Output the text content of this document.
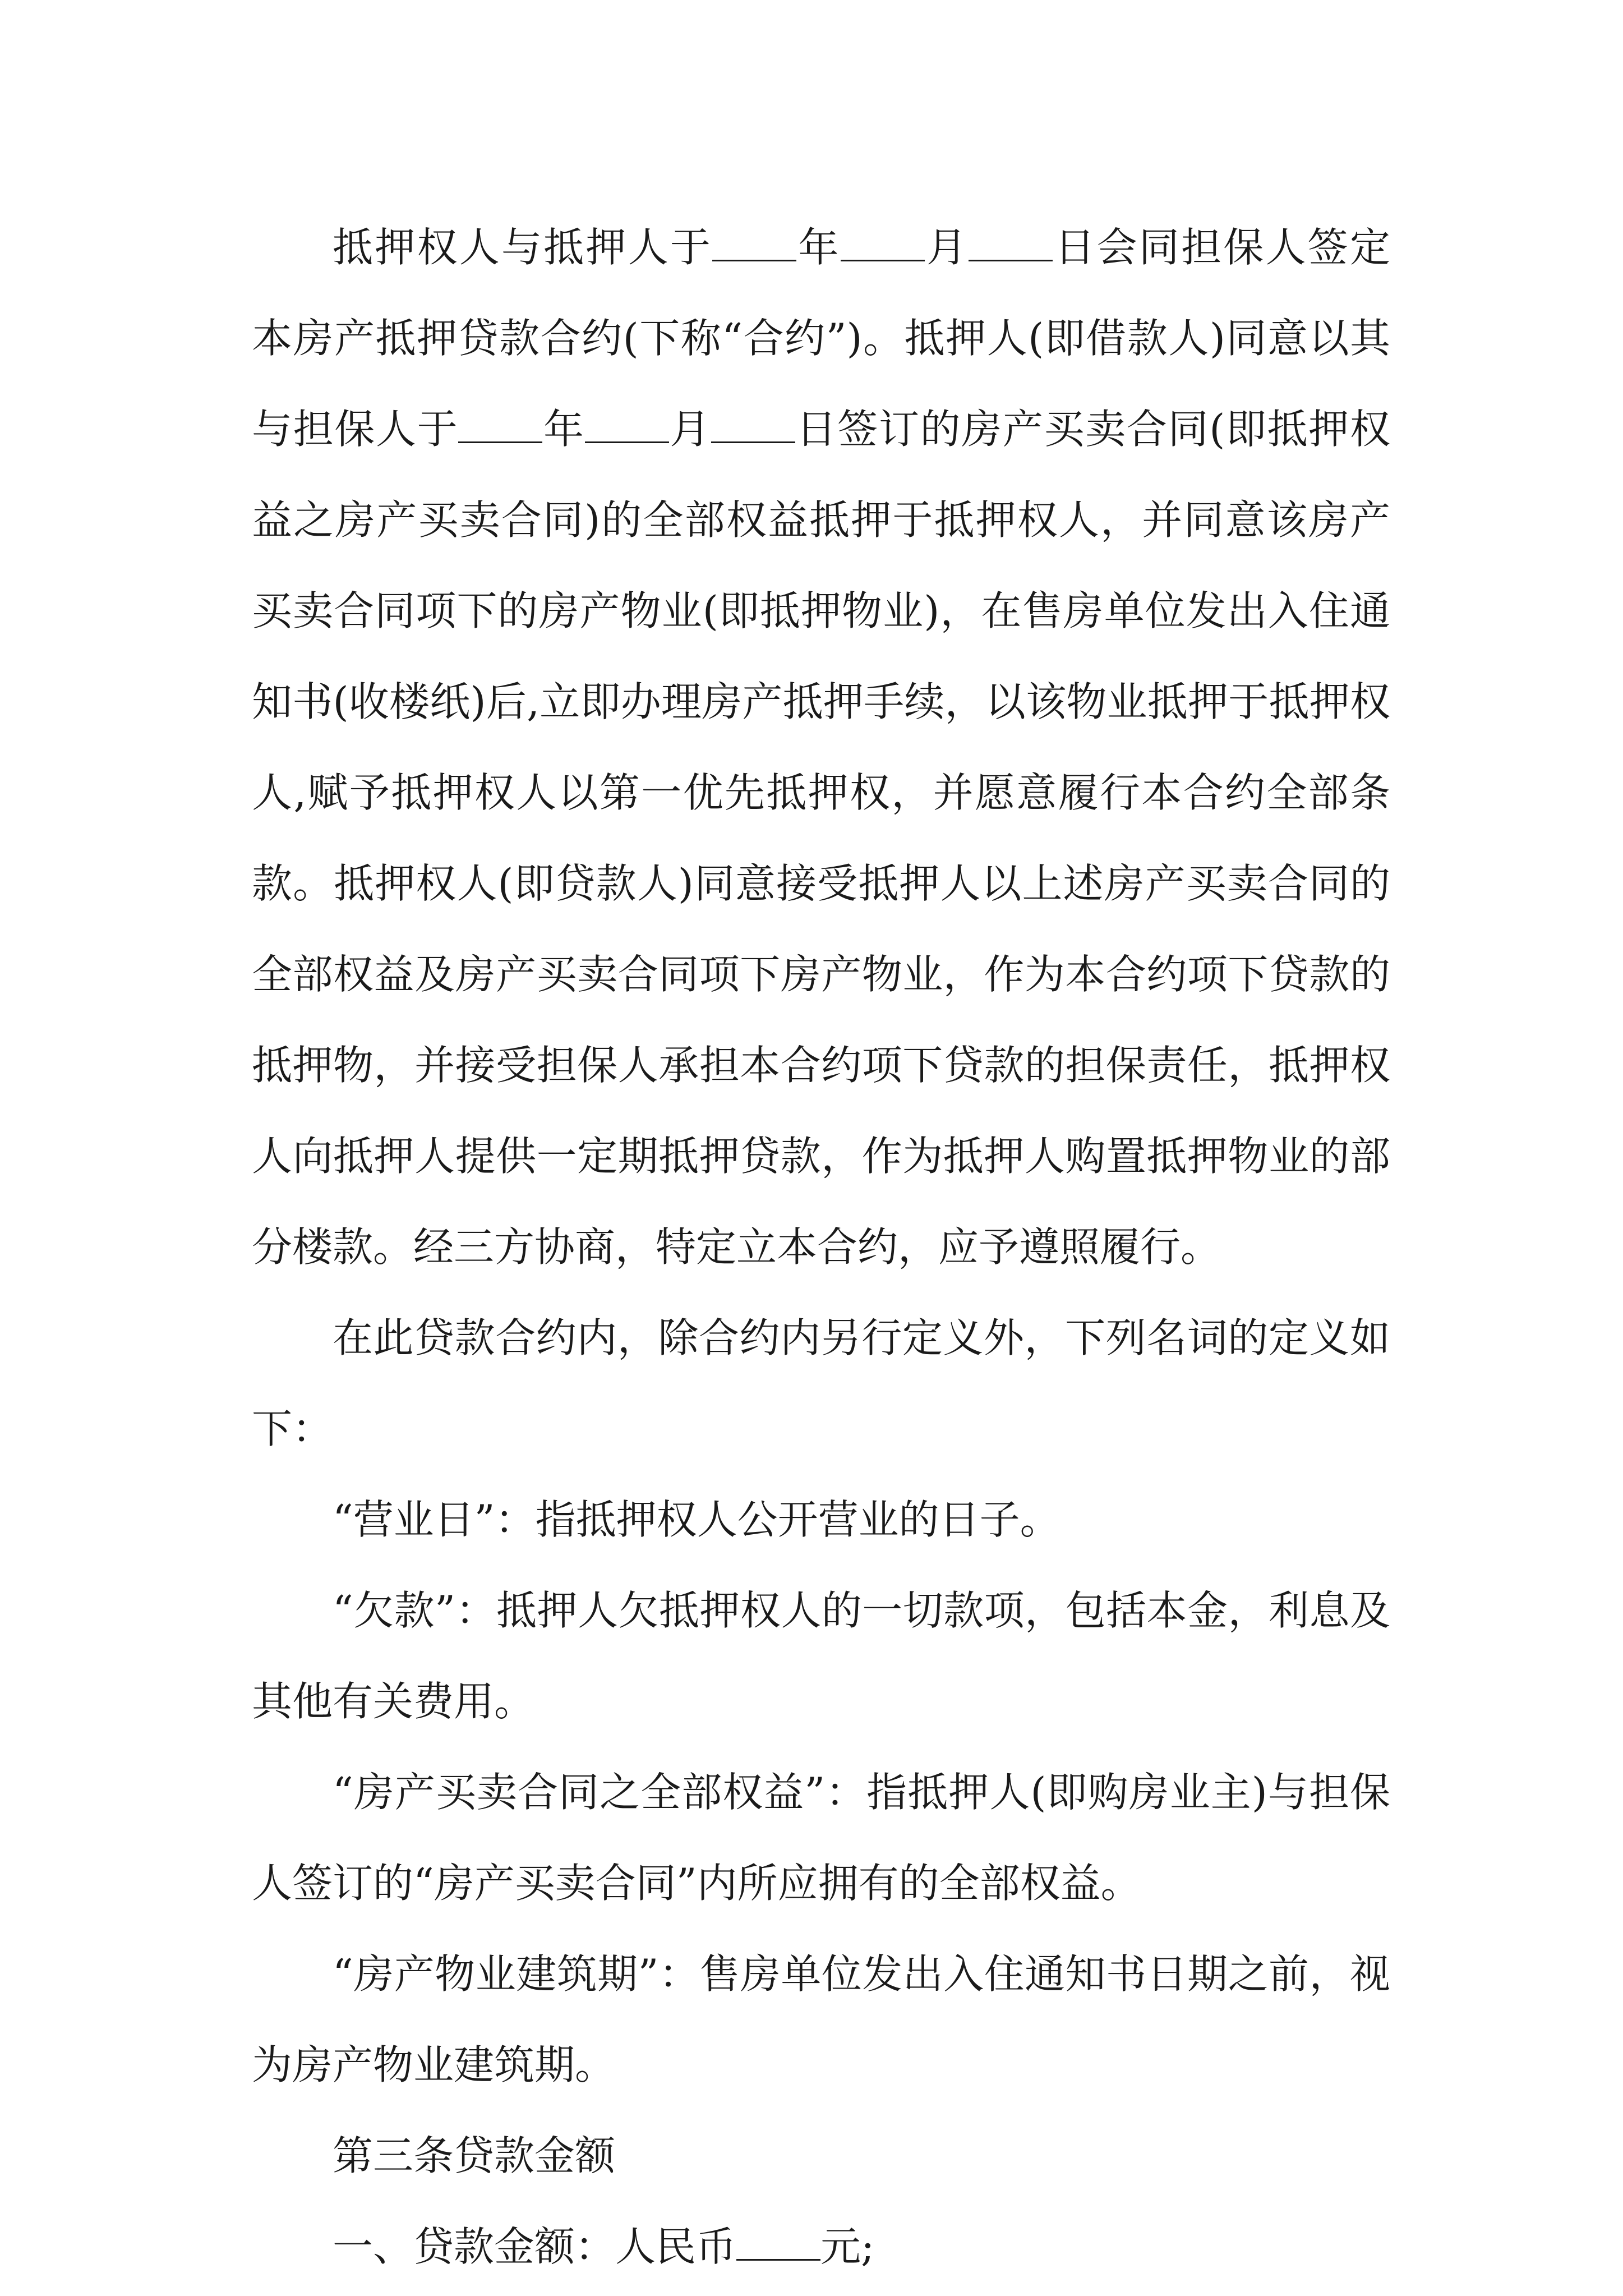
抵押权人与抵押人于 年 月 日会同担保人签定本房产抵押贷款合约(下称“合约”)。抵押人(即借款人)同意以其与担保人于 年 月 日签订的房产买卖合同(即抵押权益之房产买卖合同)的全部权益抵押于抵押权人，并同意该房产买卖合同项下的房产物业(即抵押物业)，在售房单位发出入住通知书(收楼纸)后,立即办理房产抵押手续，以该物业抵押于抵押权人,赋予抵押权人以第一优先抵押权，并愿意履行本合约全部条款。抵押权人(即贷款人)同意接受抵押人以上述房产买卖合同的全部权益及房产买卖合同项下房产物业，作为本合约项下贷款的抵押物，并接受担保人承担本合约项下贷款的担保责任，抵押权人向抵押人提供一定期抵押贷款，作为抵押人购置抵押物业的部分楼款。经三方协商，特定立本合约，应予遵照履行。

在此贷款合约内，除合约内另行定义外，下列名词的定义如下：

“营业日”：指抵押权人公开营业的日子。

“欠款”：抵押人欠抵押权人的一切款项，包括本金，利息及其他有关费用。

“房产买卖合同之全部权益”：指抵押人(即购房业主)与担保人签订的“房产买卖合同”内所应拥有的全部权益。

“房产物业建筑期”：售房单位发出入住通知书日期之前，视为房产物业建筑期。

第三条贷款金额

一、贷款金额：人民币 元;
